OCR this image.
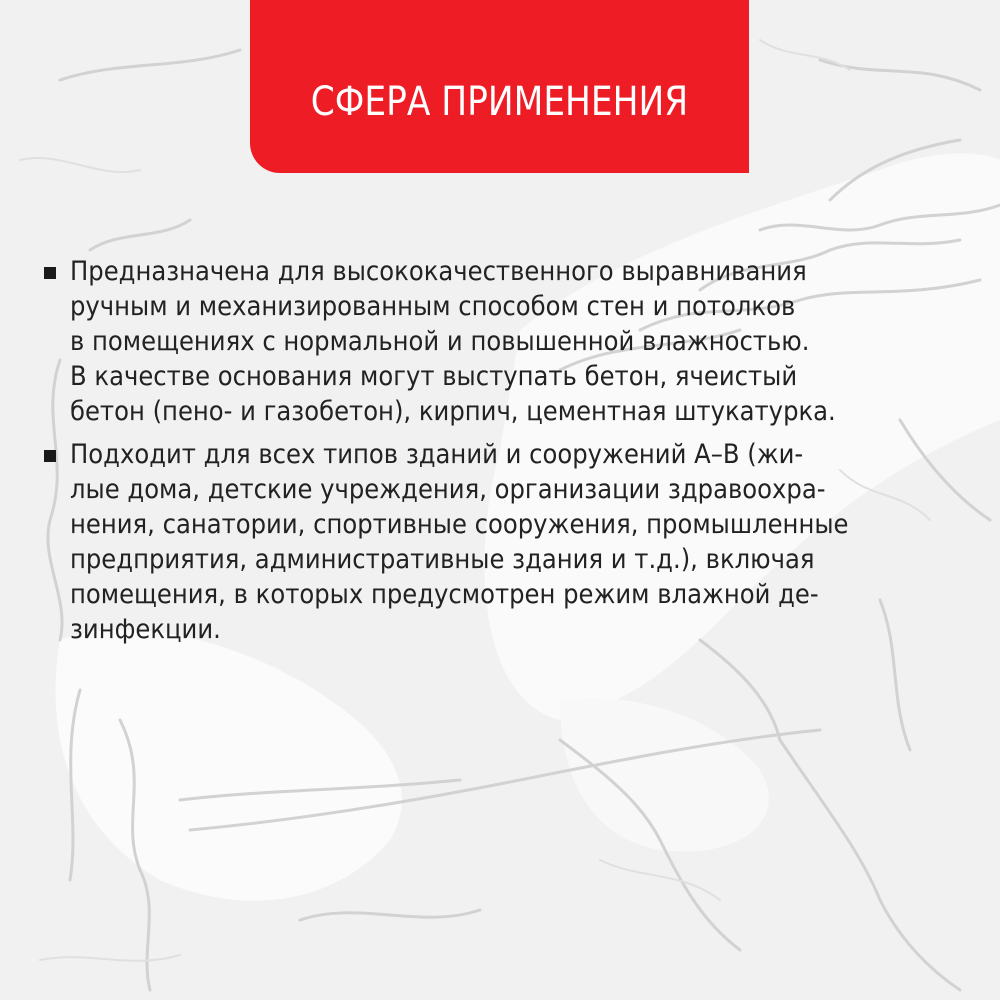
СФЕРА ПРИМЕНЕНИЯ
Предназначена для высококачественного выравнивания
ручным и механизированным способом стен и потолков
в помещениях с нормальной и повышенной влажностью.
В качестве основания могут выступать бетон, ячеистый
бетон (пено- и газобетон), кирпич, цементная штукатурка.
Подходит для всех типов зданий и сооружений А–В (жи-
лые дома, детские учреждения, организации здравоохра-
нения, санатории, спортивные сооружения, промышленные
предприятия, административные здания и т.д.), включая
помещения, в которых предусмотрен режим влажной де-
зинфекции.
